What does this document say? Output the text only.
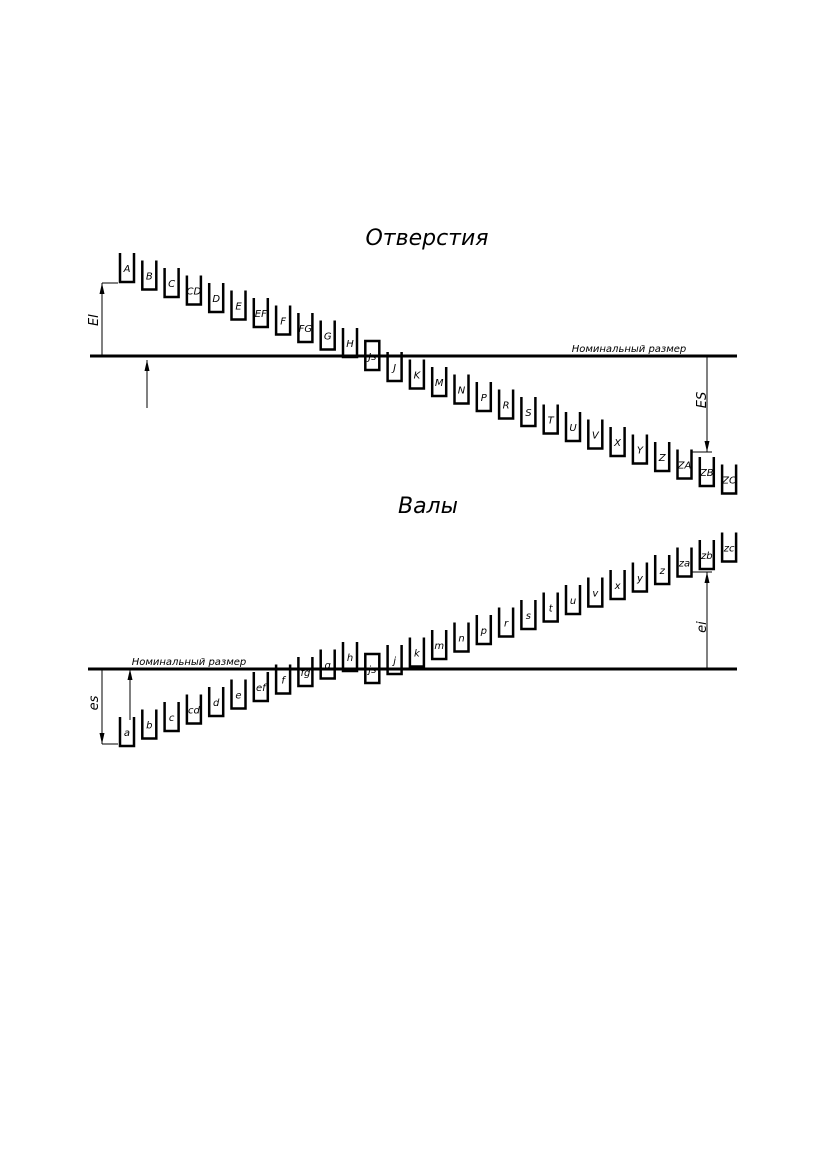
Отверстия
Номинальный размер
EI
ES
A
B
C
CD
D
E
EF
F
FG
G
H
Js
J
K
M
N
P
R
S
T
U
V
X
Y
Z
ZA
ZB
ZC
Валы
Номинальный размер
es
ei
a
b
c
cd
d
e
ef
f
fg
g
h
js
j
k
m
n
p
r
s
t
u
v
x
y
z
za
zb
zc
